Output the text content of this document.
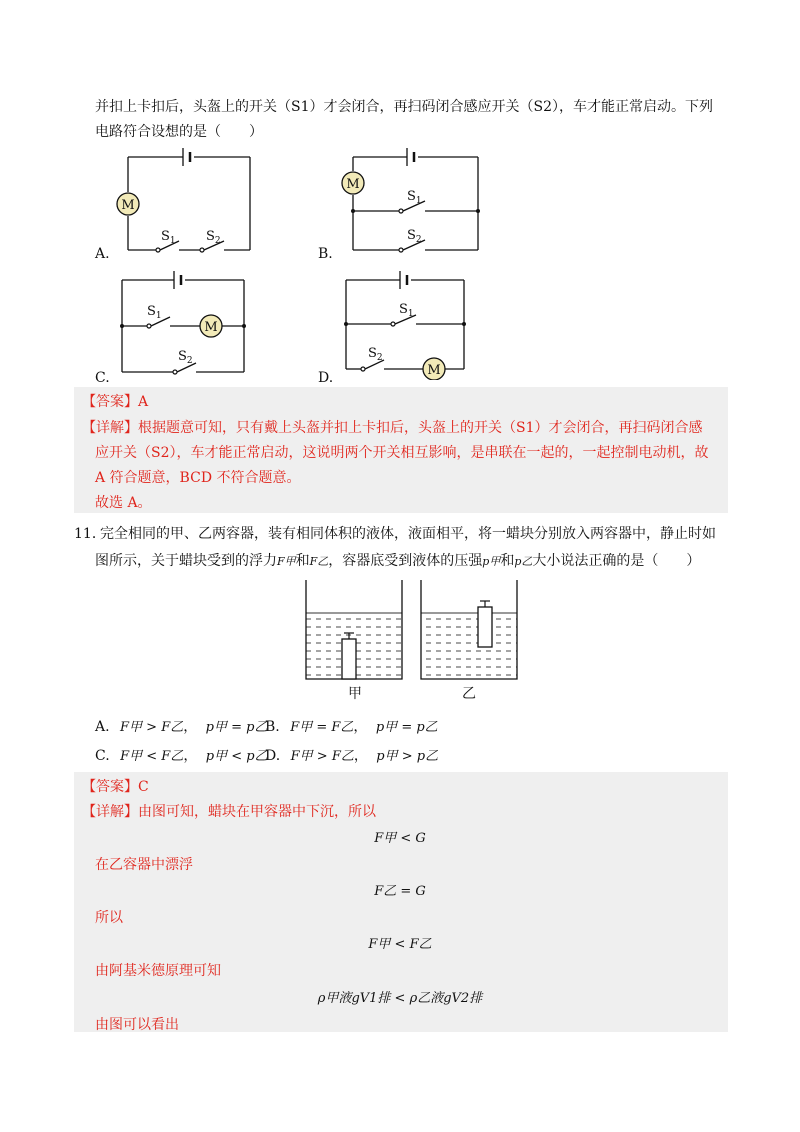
并扣上卡扣后，头盔上的开关（S1）才会闭合，再扫码闭合感应开关（S2），车才能正常启动。下列
电路符合设想的是（　　）
M
$S_1$ $S_2$
A.
M
$S_1$
$S_2$
B.
M
$S_1$
$S_2$
C.	M
$S_1$
$S_2$
D.
【答案】A
【详解】根据题意可知，只有戴上头盔并扣上卡扣后，头盔上的开关（S1）才会闭合，再扫码闭合感
应开关（S2），车才能正常启动，这说明两个开关相互影响，是串联在一起的，一起控制电动机，故
A 符合题意，BCD 不符合题意。
故选 A。
11．
完全相同的甲、乙两容器，装有相同体积的液体，液面相平，将一蜡块分别放入两容器中，静止时如
图所示，关于蜡块受到的浮力F甲和F乙，容器底受到液体的压强p甲和p乙大小说法正确的是（　　）
甲	乙
A. F甲 > F乙， p甲 = p乙
B. F甲 = F乙， p甲 = p乙
C. F甲 < F乙， p甲 < p乙
D. F甲 > F乙， p甲 > p乙
【答案】C
【详解】由图可知，蜡块在甲容器中下沉，所以
F甲 < G
在乙容器中漂浮
F乙 = G
所以
F甲 < F乙
由阿基米德原理可知
ρ甲液gV1排 < ρ乙液gV2排
由图可以看出
